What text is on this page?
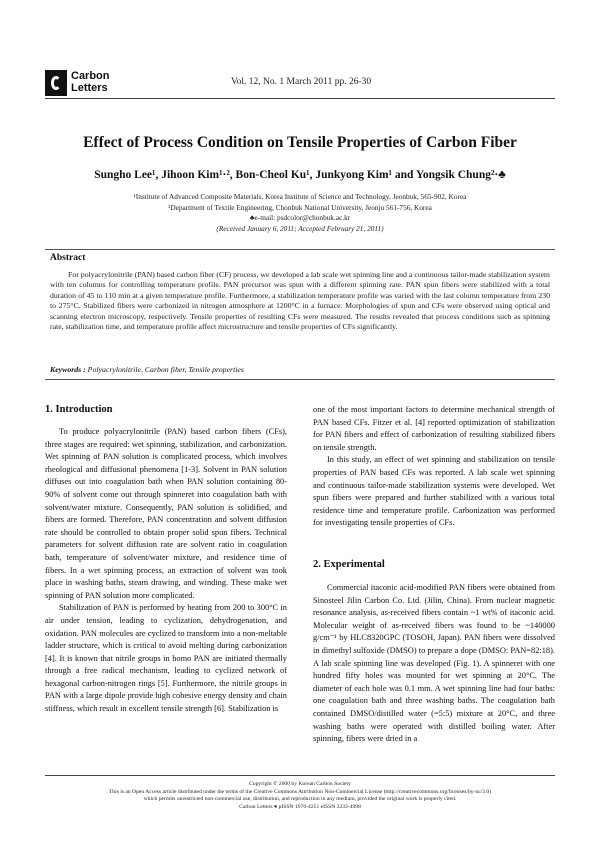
Carbon
Letters	Vol. 12, No. 1 March 2011 pp. 26-30
Effect of Process Condition on Tensile Properties of Carbon Fiber
Sungho Lee¹, Jihoon Kim¹·², Bon-Cheol Ku¹, Junkyong Kim¹ and Yongsik Chung²·♣
¹Institute of Advanced Composite Materials, Korea Institute of Science and Technology, Jeonbuk, 565-902, Korea
²Department of Textile Engineering, Chonbuk National University, Jeonju 561-756, Korea
♣e-mail: psdcolor@chonbuk.ac.kr
(Received January 6, 2011; Accepted February 21, 2011)
Abstract
For polyacrylonitrile (PAN) based carbon fiber (CF) process, we developed a lab scale wet spinning line and a continuous tailor-made stabilization system with ten columns for controlling temperature profile. PAN precursor was spun with a different spinning rate. PAN spun fibers were stabilized with a total duration of 45 to 110 min at a given temperature profile. Furthermore, a stabilization temperature profile was varied with the last column temperature from 230 to 275°C. Stabilized fibers were carbonized in nitrogen atmosphere at 1200°C in a furnace. Morphologies of spun and CFs were observed using optical and scanning electron microscopy, respectively. Tensile properties of resulting CFs were measured. The results revealed that process conditions such as spinning rate, stabilization time, and temperature profile affect microstructure and tensile properties of CFs significantly.
Keywords : Polyacrylonitrile, Carbon fiber, Tensile properties
1. Introduction

To produce polyacrylonitrile (PAN) based carbon fibers (CFs), three stages are required: wet spinning, stabilization, and carbonization. Wet spinning of PAN solution is complicated process, which involves rheological and diffusional phenomena [1-3]. Solvent in PAN solution diffuses out into coagulation bath when PAN solution containing 80-90% of solvent come out through spinneret into coagulation bath with solvent/water mixture. Consequently, PAN solution is solidified, and fibers are formed. Therefore, PAN concentration and solvent diffusion rate should be controlled to obtain proper solid spun fibers. Technical parameters for solvent diffusion rate are solvent ratio in coagulation bath, temperature of solvent/water mixture, and residence time of fibers. In a wet spinning process, an extraction of solvent was took place in washing baths, steam drawing, and winding. These make wet spinning of PAN solution more complicated.

Stabilization of PAN is performed by heating from 200 to 300°C in air under tension, leading to cyclization, dehydrogenation, and oxidation. PAN molecules are cyclized to transform into a non-meltable ladder structure, which is critical to avoid melting during carbonization [4]. It is known that nitrile groups in homo PAN are initiated thermally through a free radical mechanism, leading to cyclized network of hexagonal carbon-nitrogen rings [5]. Furthermore, the nitrile groups in PAN with a large dipole provide high cohesive energy density and chain stiffness, which result in excellent tensile strength [6]. Stabilization is

one of the most important factors to determine mechanical strength of PAN based CFs. Fitzer et al. [4] reported optimization of stabilization for PAN fibers and effect of carbonization of resulting stabilized fibers on tensile strength.

In this study, an effect of wet spinning and stabilization on tensile properties of PAN based CFs was reported. A lab scale wet spinning and continuous tailor-made stabilization systems were developed. Wet spun fibers were prepared and further stabilized with a various total residence time and temperature profile. Carbonization was performed for investigating tensile properties of CFs.

2. Experimental

Commercial itaconic acid-modified PAN fibers were obtained from Sinosteel Jilin Carbon Co. Ltd. (Jilin, China). From nuclear magnetic resonance analysis, as-received fibers contain ~1 wt% of itaconic acid. Molecular weight of as-received fibers was found to be ~140000 g/cm⁻¹ by HLC8320GPC (TOSOH, Japan). PAN fibers were dissolved in dimethyl sulfoxide (DMSO) to prepare a dope (DMSO: PAN=82:18). A lab scale spinning line was developed (Fig. 1). A spinneret with one hundred fifty holes was mounted for wet spinning at 20°C. The diameter of each hole was 0.1 mm. A wet spinning line had four baths: one coagulation bath and three washing baths. The coagulation bath contained DMSO/distilled water (=5:5) mixture at 20°C, and three washing baths were operated with distilled boiling water. After spinning, fibers were dried in a

Copyright © 2000 by Korean Carbon Society
This is an Open Access article distributed under the terms of the Creative Commons Attribution Non-Commercial License (http://creativecommons.org/licenses/by-nc/3.0)
which permits unrestricted non-commercial use, distribution, and reproduction in any medium, provided the original work is properly cited.
Carbon Letters ● pISSN 1976-4251 eISSN 2233-4998
